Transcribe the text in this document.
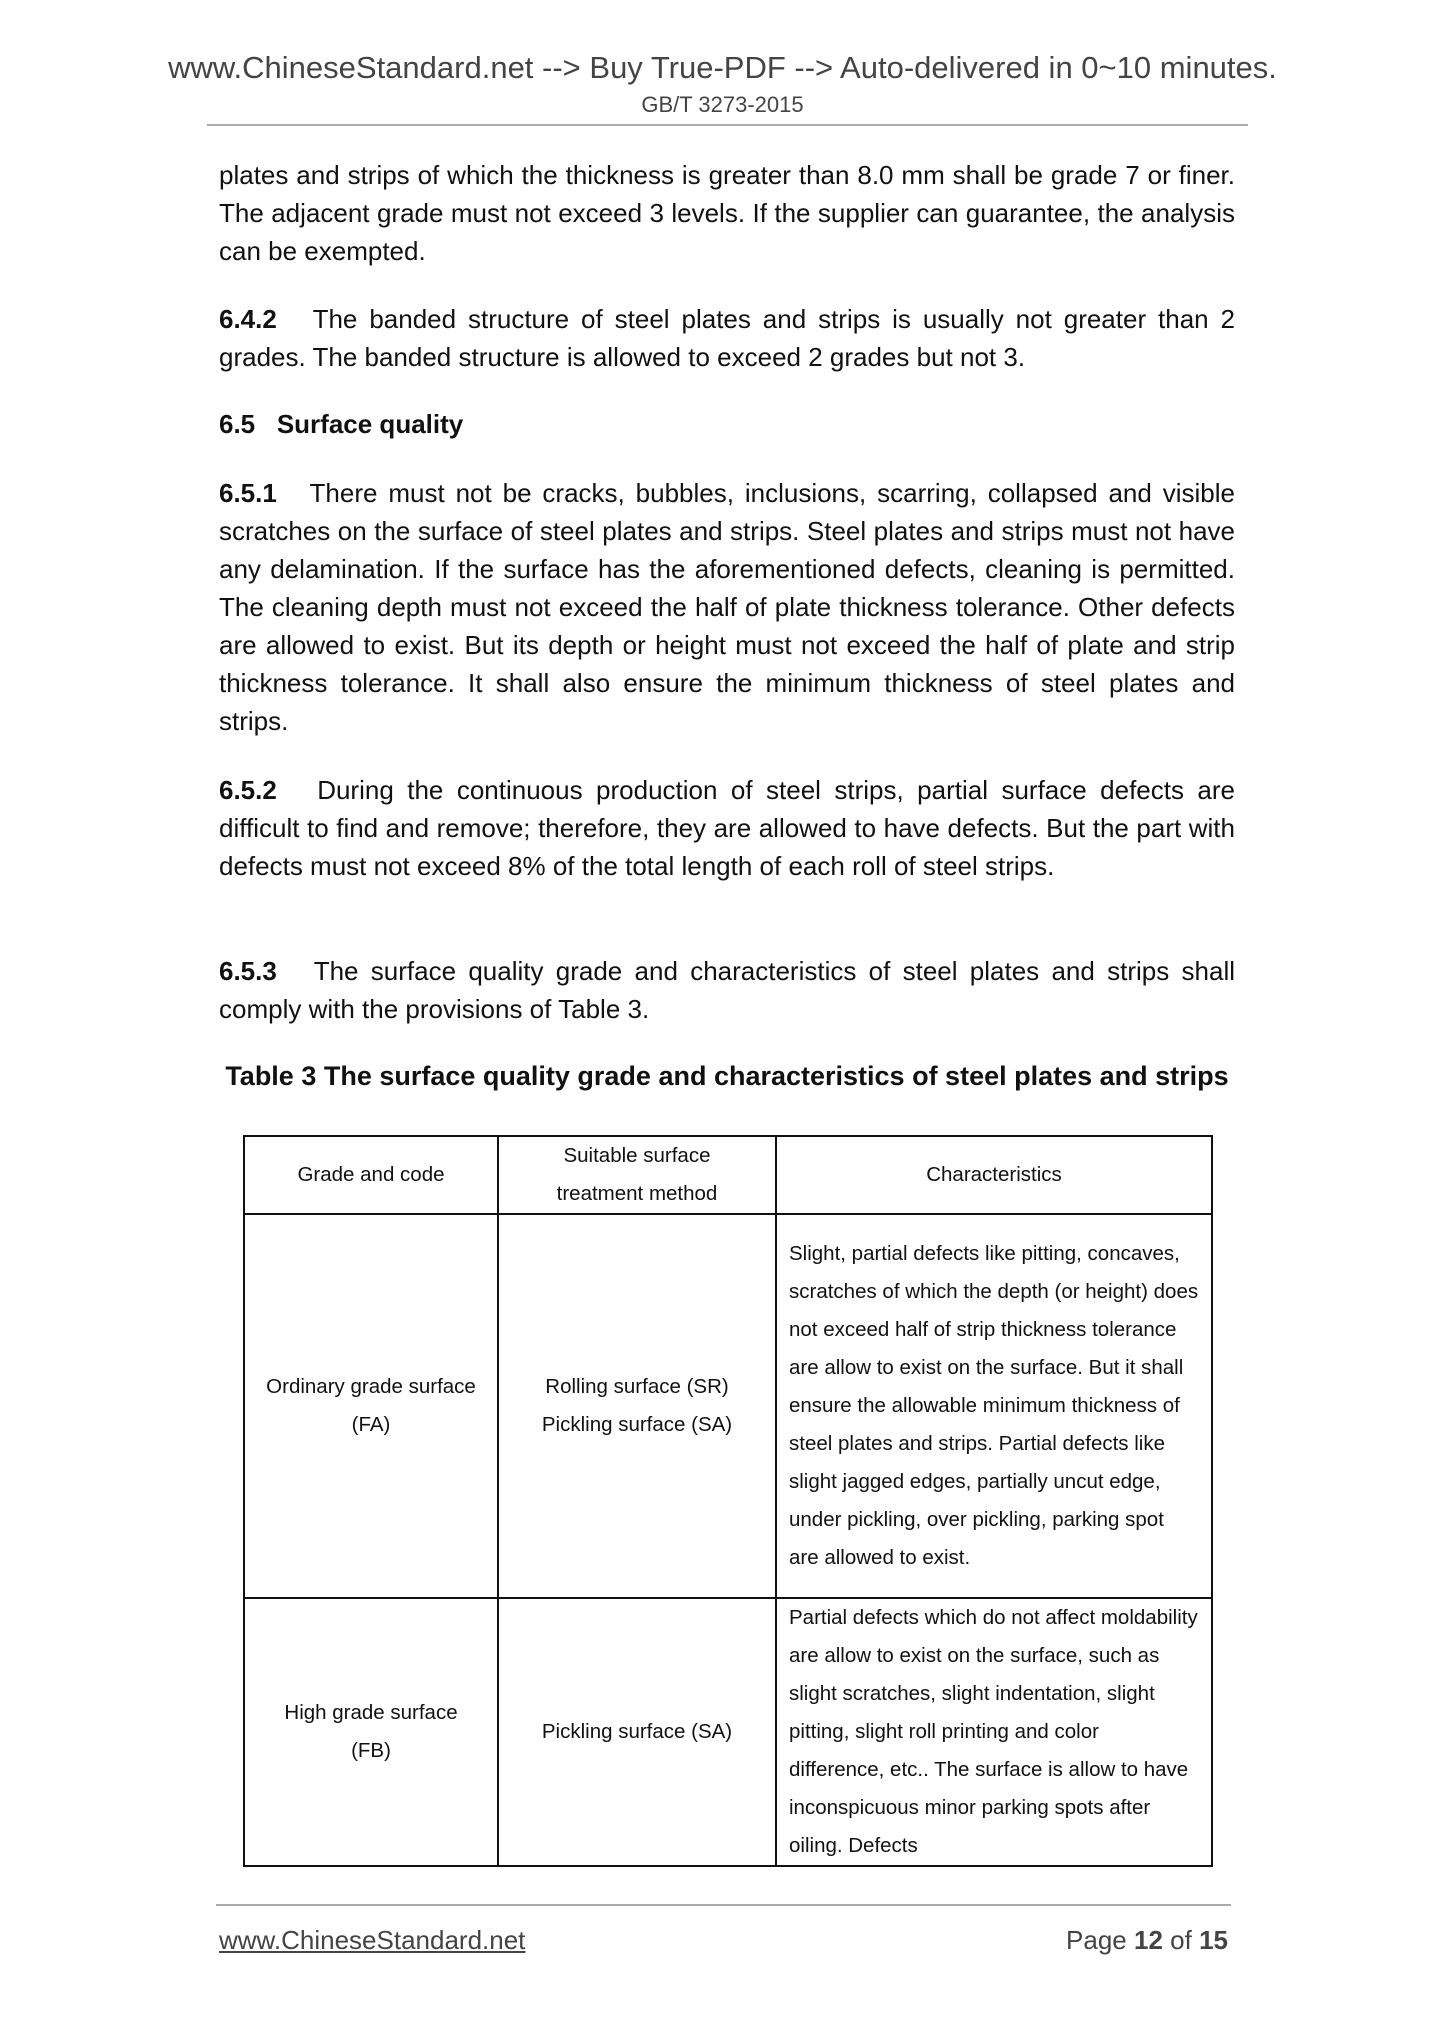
www.ChineseStandard.net --> Buy True-PDF --> Auto-delivered in 0~10 minutes.
GB/T 3273-2015
plates and strips of which the thickness is greater than 8.0 mm shall be grade 7 or finer. The adjacent grade must not exceed 3 levels. If the supplier can guarantee, the analysis can be exempted.
6.4.2 The banded structure of steel plates and strips is usually not greater than 2 grades. The banded structure is allowed to exceed 2 grades but not 3.
6.5 Surface quality
6.5.1 There must not be cracks, bubbles, inclusions, scarring, collapsed and visible scratches on the surface of steel plates and strips. Steel plates and strips must not have any delamination. If the surface has the aforementioned defects, cleaning is permitted. The cleaning depth must not exceed the half of plate thickness tolerance. Other defects are allowed to exist. But its depth or height must not exceed the half of plate and strip thickness tolerance. It shall also ensure the minimum thickness of steel plates and strips.
6.5.2 During the continuous production of steel strips, partial surface defects are difficult to find and remove; therefore, they are allowed to have defects. But the part with defects must not exceed 8% of the total length of each roll of steel strips.
6.5.3 The surface quality grade and characteristics of steel plates and strips shall comply with the provisions of Table 3.
Table 3 The surface quality grade and characteristics of steel plates and strips
Grade and code	Suitable surface treatment method	Characteristics
Ordinary grade surface (FA)	Rolling surface (SR) Pickling surface (SA)	Slight, partial defects like pitting, concaves, scratches of which the depth (or height) does not exceed half of strip thickness tolerance are allow to exist on the surface. But it shall ensure the allowable minimum thickness of steel plates and strips. Partial defects like slight jagged edges, partially uncut edge, under pickling, over pickling, parking spot are allowed to exist.
High grade surface (FB)	Pickling surface (SA)	Partial defects which do not affect moldability are allow to exist on the surface, such as slight scratches, slight indentation, slight pitting, slight roll printing and color difference, etc.. The surface is allow to have inconspicuous minor parking spots after oiling. Defects
www.ChineseStandard.net	Page 12 of 15
